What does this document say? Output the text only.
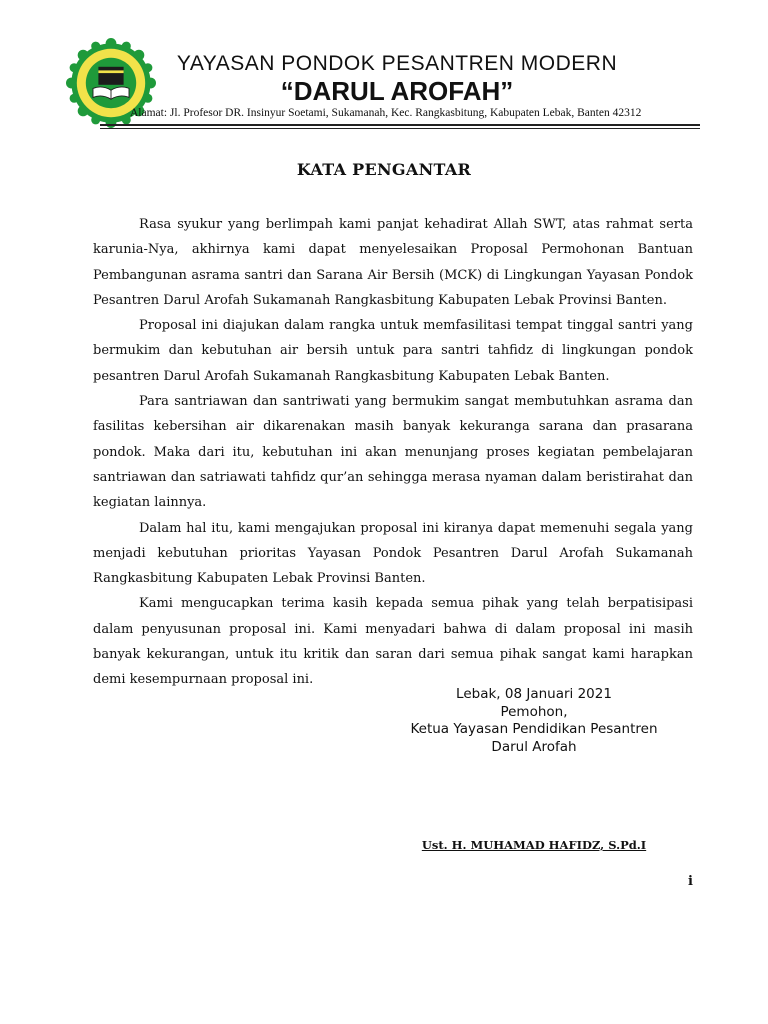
YAYASAN PONDOK PESANTREN MODERN
“DARUL AROFAH”
Alamat: Jl. Profesor DR. Insinyur Soetami, Sukamanah, Kec. Rangkasbitung, Kabupaten Lebak, Banten 42312
KATA PENGANTAR

Rasa syukur yang berlimpah kami panjat kehadirat Allah SWT, atas rahmat serta karunia-Nya, akhirnya kami dapat menyelesaikan Proposal Permohonan Bantuan Pembangunan asrama santri dan Sarana Air Bersih (MCK) di Lingkungan Yayasan Pondok Pesantren Darul Arofah Sukamanah Rangkasbitung Kabupaten Lebak Provinsi Banten.

Proposal ini diajukan dalam rangka untuk memfasilitasi tempat tinggal santri yang bermukim dan kebutuhan air bersih untuk para santri tahfidz di lingkungan pondok pesantren Darul Arofah Sukamanah Rangkasbitung Kabupaten Lebak Banten.

Para santriawan dan santriwati yang bermukim sangat membutuhkan asrama dan fasilitas kebersihan air dikarenakan masih banyak kekuranga sarana dan prasarana pondok. Maka dari itu, kebutuhan ini akan menunjang proses kegiatan pembelajaran santriawan dan satriawati tahfidz qur’an sehingga merasa nyaman dalam beristirahat dan kegiatan lainnya.

Dalam hal itu, kami mengajukan proposal ini kiranya dapat memenuhi segala yang menjadi kebutuhan prioritas Yayasan Pondok Pesantren Darul Arofah Sukamanah Rangkasbitung Kabupaten Lebak Provinsi Banten.

Kami mengucapkan terima kasih kepada semua pihak yang telah berpatisipasi dalam penyusunan proposal ini. Kami menyadari bahwa di dalam proposal ini masih banyak kekurangan, untuk itu kritik dan saran dari semua pihak sangat kami harapkan demi kesempurnaan proposal ini.

Lebak, 08 Januari 2021
Pemohon,
Ketua Yayasan Pendidikan Pesantren
Darul Arofah
Ust. H. MUHAMAD HAFIDZ, S.Pd.I
i
